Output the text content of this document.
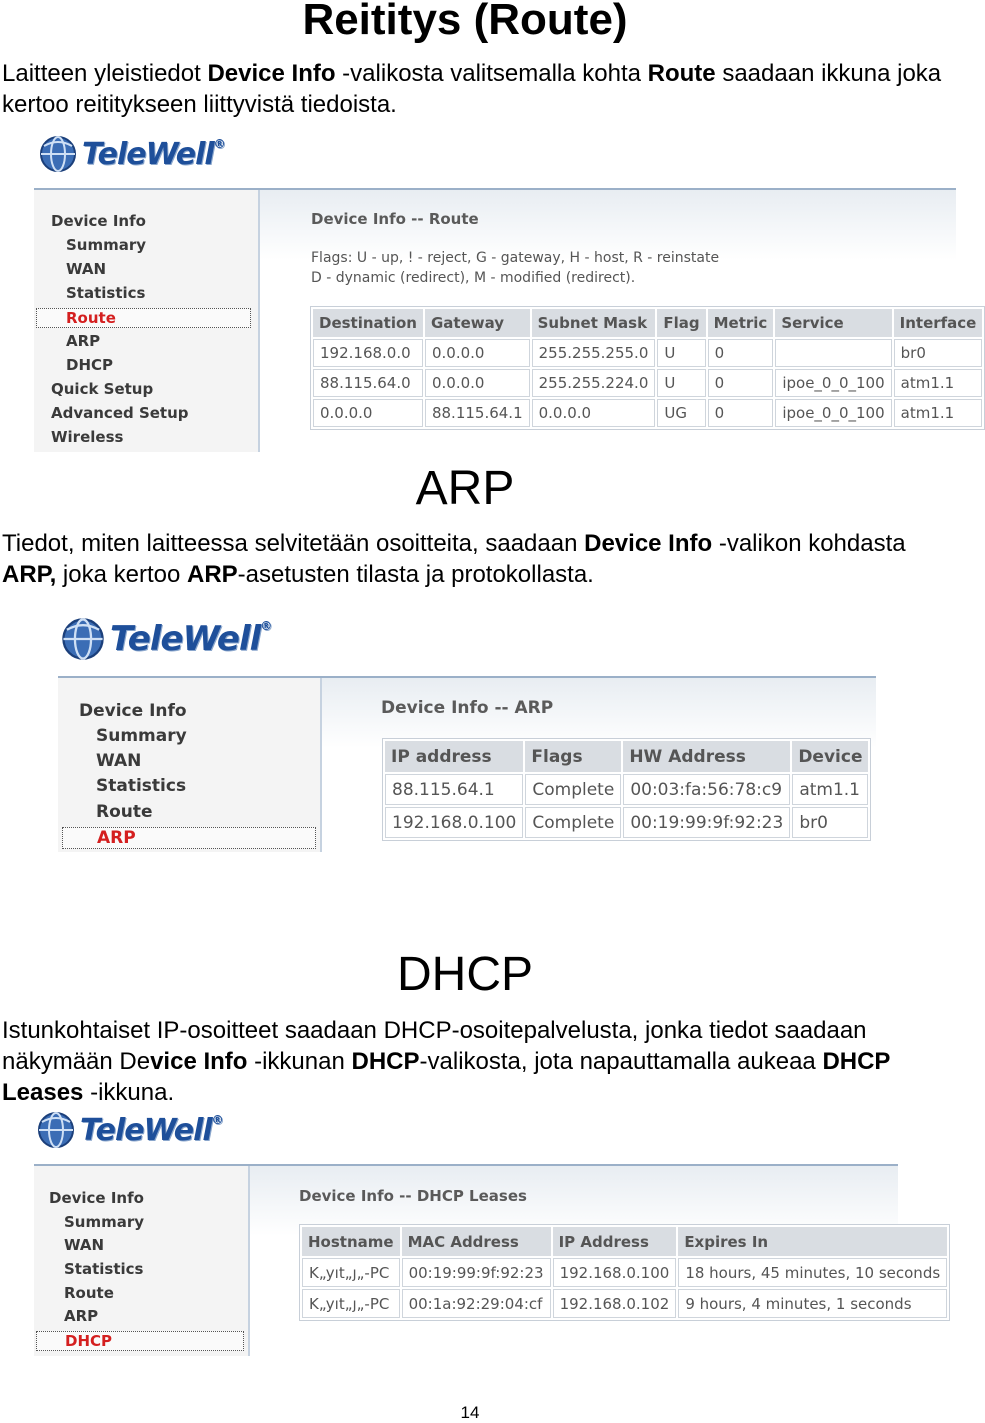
Reititys (Route)

Laitteen yleistiedot Device Info -valikosta valitsemalla kohta Route saadaan ikkuna joka kertoo reititykseen liittyvistä tiedoista.

TeleWell®
Device Info
Summary
WAN
Statistics
Route
ARP
DHCP
Quick Setup
Advanced Setup
Wireless
Device Info -- Route
Flags: U - up, ! - reject, G - gateway, H - host, R - reinstate
D - dynamic (redirect), M - modified (redirect).
Destination	Gateway	Subnet Mask	Flag	Metric	Service	Interface
192.168.0.0	0.0.0.0	255.255.255.0	U	0		br0
88.115.64.0	0.0.0.0	255.255.224.0	U	0	ipoe_0_0_100	atm1.1
0.0.0.0	88.115.64.1	0.0.0.0	UG	0	ipoe_0_0_100	atm1.1
ARP

Tiedot, miten laitteessa selvitetään osoitteita, saadaan Device Info -valikon kohdasta ARP, joka kertoo ARP-asetusten tilasta ja protokollasta.

TeleWell®
Device Info
Summary
WAN
Statistics
Route
ARP
Device Info -- ARP
IP address	Flags	HW Address	Device
88.115.64.1	Complete	00:03:fa:56:78:c9	atm1.1
192.168.0.100	Complete	00:19:99:9f:92:23	br0
DHCP

Istunkohtaiset IP-osoitteet saadaan DHCP-osoitepalvelusta, jonka tiedot saadaan näkymään Device Info -ikkunan DHCP-valikosta, jota napauttamalla aukeaa DHCP Leases -ikkuna.

TeleWell®
Device Info
Summary
WAN
Statistics
Route
ARP
DHCP
Device Info -- DHCP Leases
Hostname	MAC Address	IP Address	Expires In
K„yıt„ȷ„-PC	00:19:99:9f:92:23	192.168.0.100	18 hours, 45 minutes, 10 seconds
K„yıt„ȷ„-PC	00:1a:92:29:04:cf	192.168.0.102	9 hours, 4 minutes, 1 seconds
14
